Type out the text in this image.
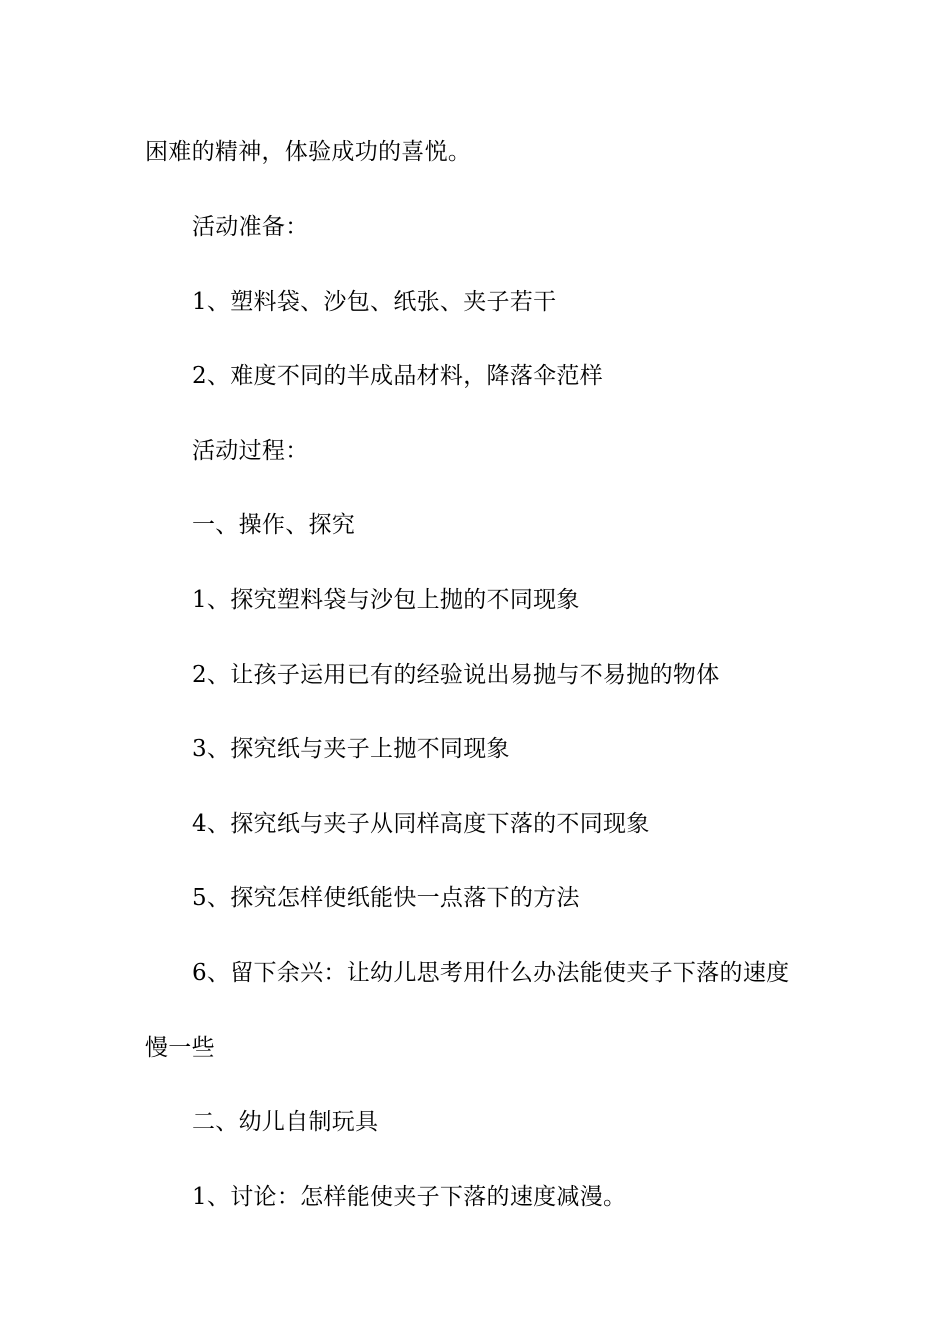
困难的精神，体验成功的喜悦。

活动准备：

1、塑料袋、沙包、纸张、夹子若干

2、难度不同的半成品材料，降落伞范样

活动过程：

一、操作、探究

1、探究塑料袋与沙包上抛的不同现象

2、让孩子运用已有的经验说出易抛与不易抛的物体

3、探究纸与夹子上抛不同现象

4、探究纸与夹子从同样高度下落的不同现象

5、探究怎样使纸能快一点落下的方法

6、留下余兴：让幼儿思考用什么办法能使夹子下落的速度

慢一些

二、幼儿自制玩具

1、讨论：怎样能使夹子下落的速度减漫。
